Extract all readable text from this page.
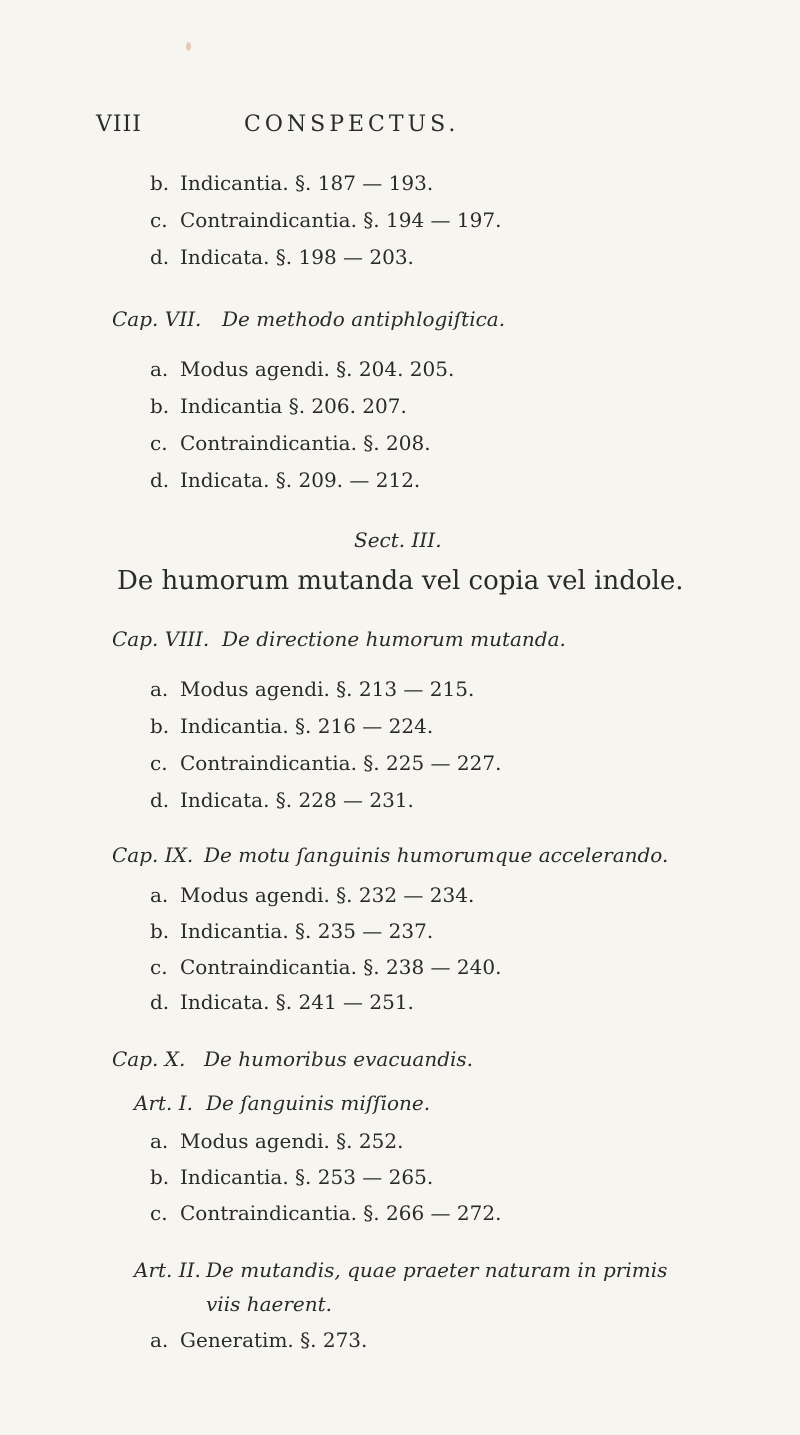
VIII	CONSPECTUS.
b. Indicantia. §. 187 — 193.
c. Contraindicantia. §. 194 — 197.
d. Indicata. §. 198 — 203.
Cap. VII. De methodo antiphlogiſtica.
a. Modus agendi. §. 204. 205.
b. Indicantia §. 206. 207.
c. Contraindicantia. §. 208.
d. Indicata. §. 209. — 212.
Sect. III.
De humorum mutanda vel copia vel indole.
Cap. VIII. De directione humorum mutanda.
a. Modus agendi. §. 213 — 215.
b. Indicantia. §. 216 — 224.
c. Contraindicantia. §. 225 — 227.
d. Indicata. §. 228 — 231.
Cap. IX. De motu ſanguinis humorumque accelerando.
a. Modus agendi. §. 232 — 234.
b. Indicantia. §. 235 — 237.
c. Contraindicantia. §. 238 — 240.
d. Indicata. §. 241 — 251.
Cap. X. De humoribus evacuandis.
Art. I. De ſanguinis miſſione.
a. Modus agendi. §. 252.
b. Indicantia. §. 253 — 265.
c. Contraindicantia. §. 266 — 272.
Art. II. De mutandis, quae praeter naturam in primis
viis haerent.
a. Generatim. §. 273.
